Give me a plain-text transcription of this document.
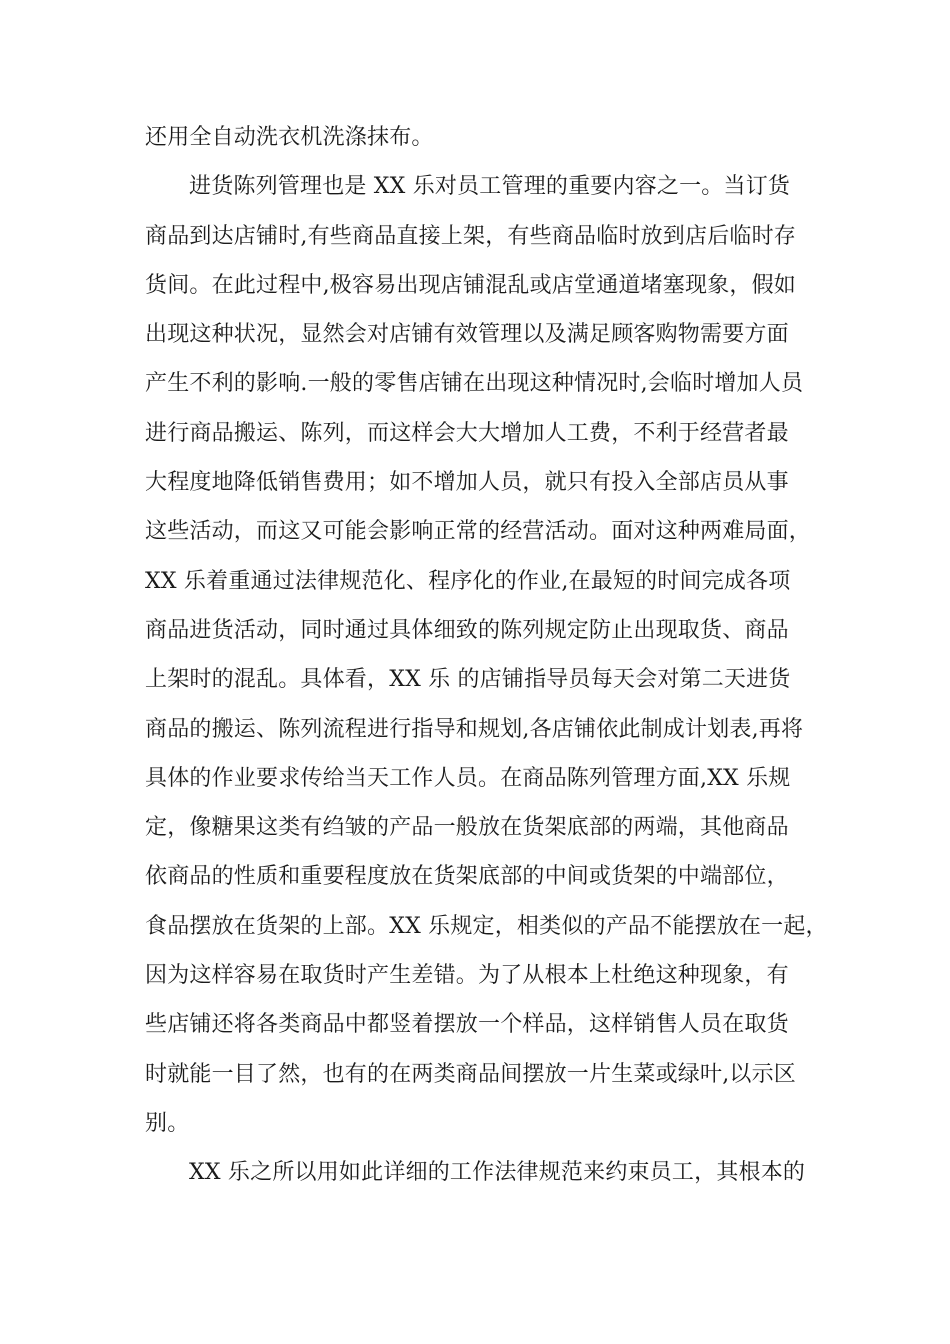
还用全自动洗衣机洗涤抹布。
进货陈列管理也是 XX 乐对员工管理的重要内容之一。当订货
商品到达店铺时,有些商品直接上架，有些商品临时放到店后临时存
货间。在此过程中,极容易出现店铺混乱或店堂通道堵塞现象，假如
出现这种状况，显然会对店铺有效管理以及满足顾客购物需要方面
产生不利的影响.一般的零售店铺在出现这种情况时,会临时增加人员
进行商品搬运、陈列，而这样会大大增加人工费，不利于经营者最
大程度地降低销售费用；如不增加人员，就只有投入全部店员从事
这些活动，而这又可能会影响正常的经营活动。面对这种两难局面，
XX 乐着重通过法律规范化、程序化的作业,在最短的时间完成各项
商品进货活动，同时通过具体细致的陈列规定防止出现取货、商品
上架时的混乱。具体看，XX 乐 的店铺指导员每天会对第二天进货
商品的搬运、陈列流程进行指导和规划,各店铺依此制成计划表,再将
具体的作业要求传给当天工作人员。在商品陈列管理方面,XX 乐规
定，像糖果这类有绉皱的产品一般放在货架底部的两端，其他商品
依商品的性质和重要程度放在货架底部的中间或货架的中端部位，
食品摆放在货架的上部。XX 乐规定，相类似的产品不能摆放在一起，
因为这样容易在取货时产生差错。为了从根本上杜绝这种现象，有
些店铺还将各类商品中都竖着摆放一个样品，这样销售人员在取货
时就能一目了然，也有的在两类商品间摆放一片生菜或绿叶,以示区
别。
XX 乐之所以用如此详细的工作法律规范来约束员工，其根本的
